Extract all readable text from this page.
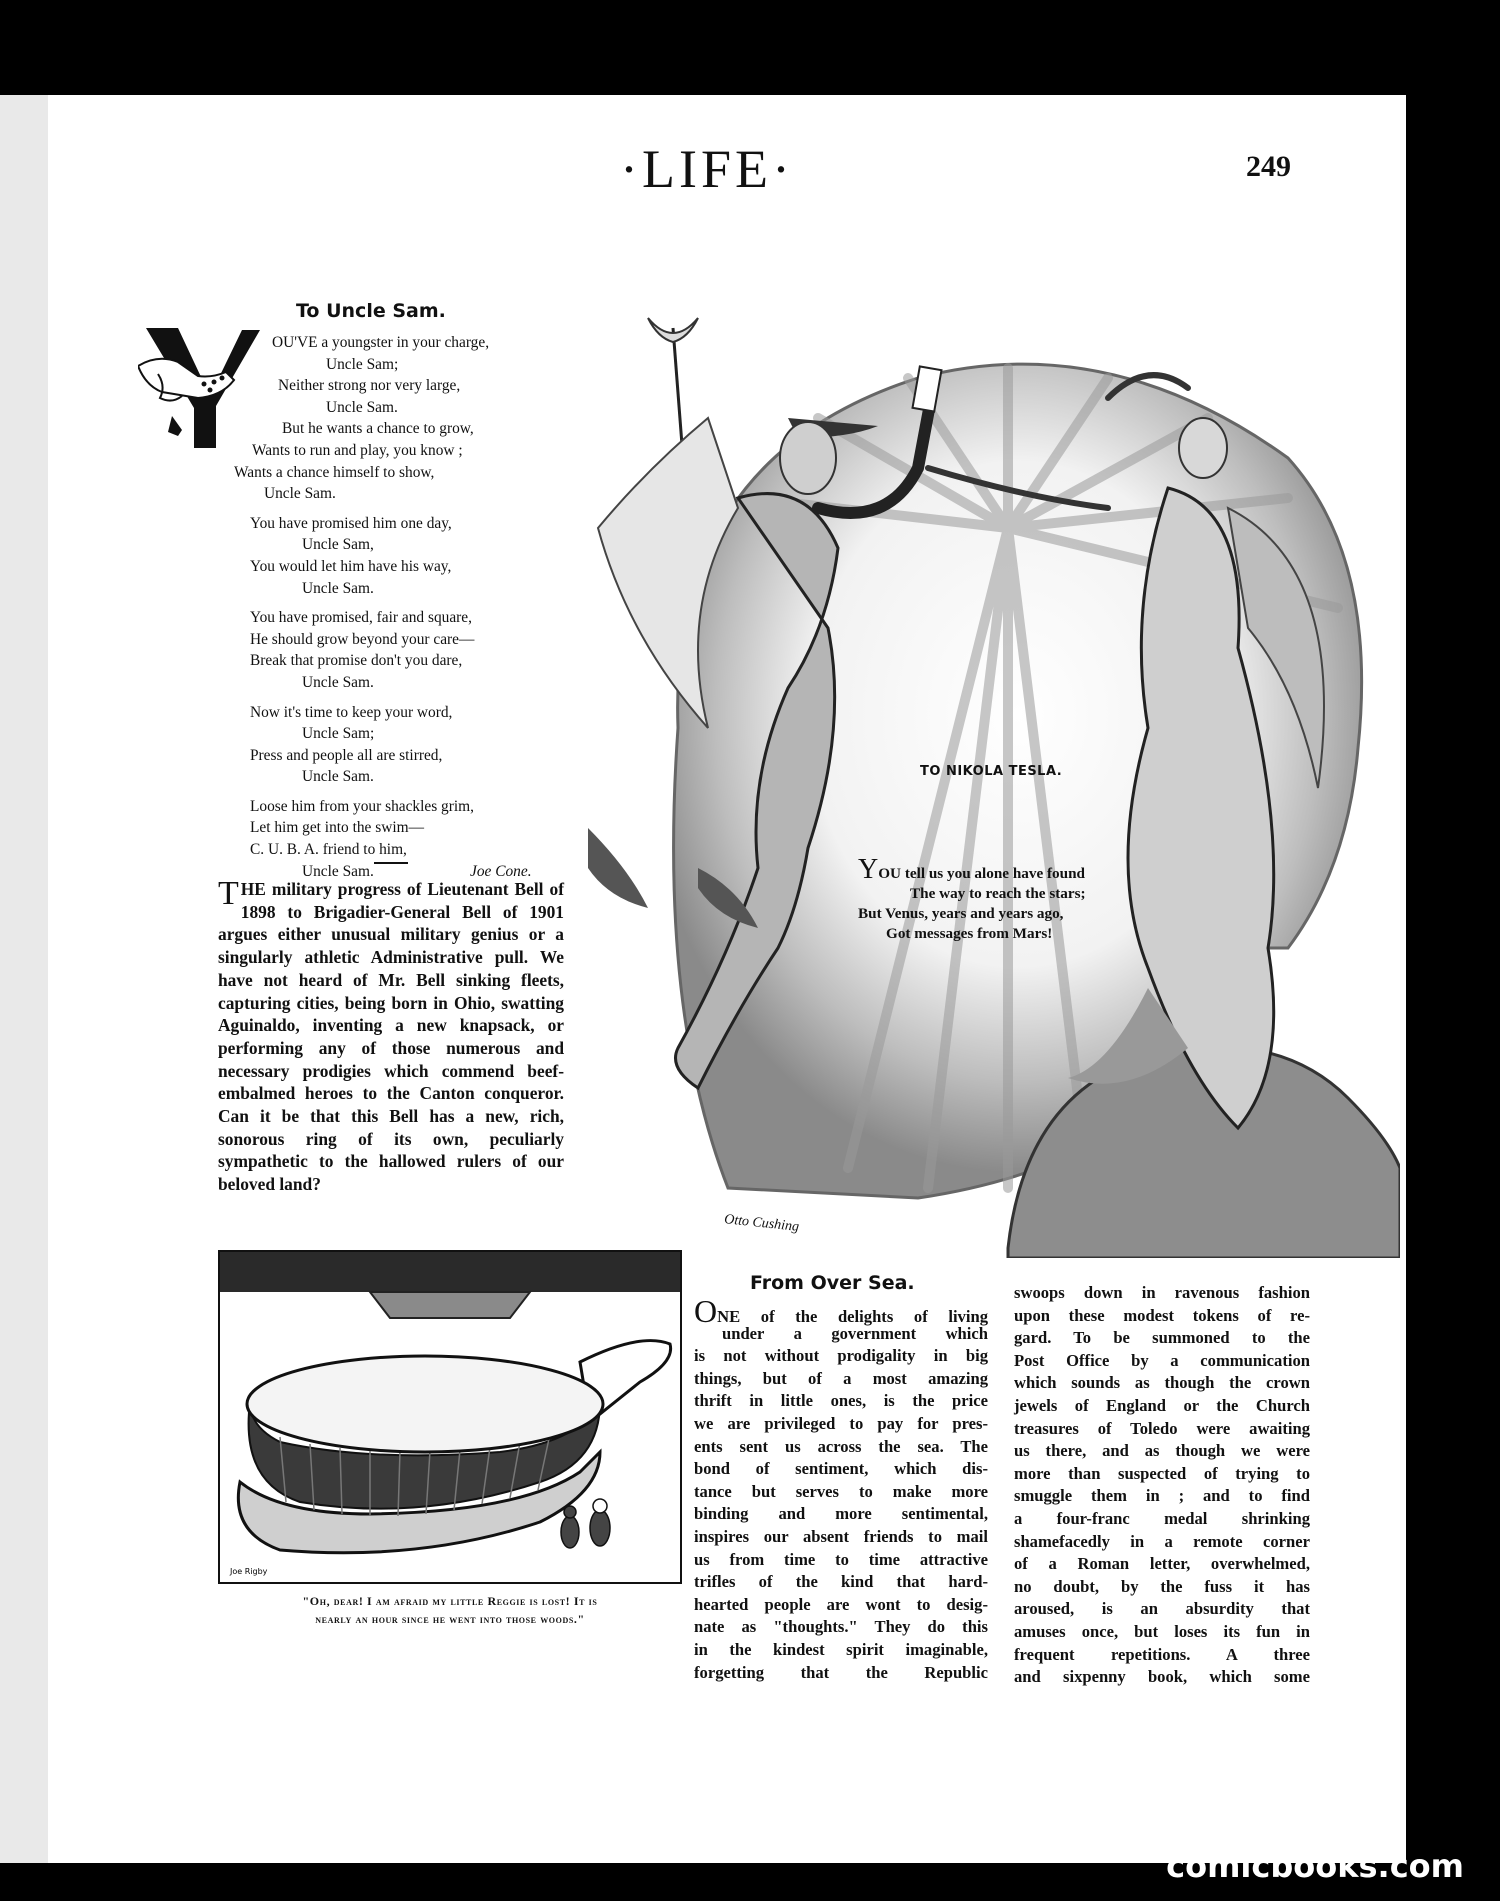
·LIFE·	249
To Uncle Sam.
OU'VE a youngster in your charge,
Uncle Sam;
Neither strong nor very large,
Uncle Sam.
But he wants a chance to grow,
Wants to run and play, you know ;
Wants a chance himself to show,
Uncle Sam.
You have promised him one day,
Uncle Sam,
You would let him have his way,
Uncle Sam.
You have promised, fair and square,
He should grow beyond your care—
Break that promise don't you dare,
Uncle Sam.
Now it's time to keep your word,
Uncle Sam;
Press and people all are stirred,
Uncle Sam.
Loose him from your shackles grim,
Let him get into the swim—
C. U. B. A. friend to him,
Uncle Sam.	Joe Cone.
THE military progress of Lieutenant Bell of 1898 to Brigadier-General Bell of 1901 argues either unusual military genius or a singularly athletic Administrative pull. We have not heard of Mr. Bell sinking fleets, capturing cities, being born in Ohio, swatting Aguinaldo, inventing a new knapsack, or performing any of those numerous and necessary prodigies which commend beef-embalmed heroes to the Canton conqueror. Can it be that this Bell has a new, rich, sonorous ring of its own, peculiarly sympathetic to the hallowed rulers of our beloved land?
TO NIKOLA TESLA.
YOU tell us you alone have found
The way to reach the stars;
But Venus, years and years ago,
Got messages from Mars!
Otto Cushing
Joe Rigby
"Oh, dear! I am afraid my little Reggie is lost! It is
nearly an hour since he went into those woods."
From Over Sea.
ONE of the delights of living
under a government which
is not without prodigality in big
things, but of a most amazing
thrift in little ones, is the price
we are privileged to pay for pres-
ents sent us across the sea. The
bond of sentiment, which dis-
tance but serves to make more
binding and more sentimental,
inspires our absent friends to mail
us from time to time attractive
trifles of the kind that hard-
hearted people are wont to desig-
nate as "thoughts." They do this
in the kindest spirit imaginable,
forgetting that the Republic
swoops down in ravenous fashion
upon these modest tokens of re-
gard. To be summoned to the
Post Office by a communication
which sounds as though the crown
jewels of England or the Church
treasures of Toledo were awaiting
us there, and as though we were
more than suspected of trying to
smuggle them in ; and to find
a four-franc medal shrinking
shamefacedly in a remote corner
of a Roman letter, overwhelmed,
no doubt, by the fuss it has
aroused, is an absurdity that
amuses once, but loses its fun in
frequent repetitions. A three
and sixpenny book, which some
comicbooks.com
